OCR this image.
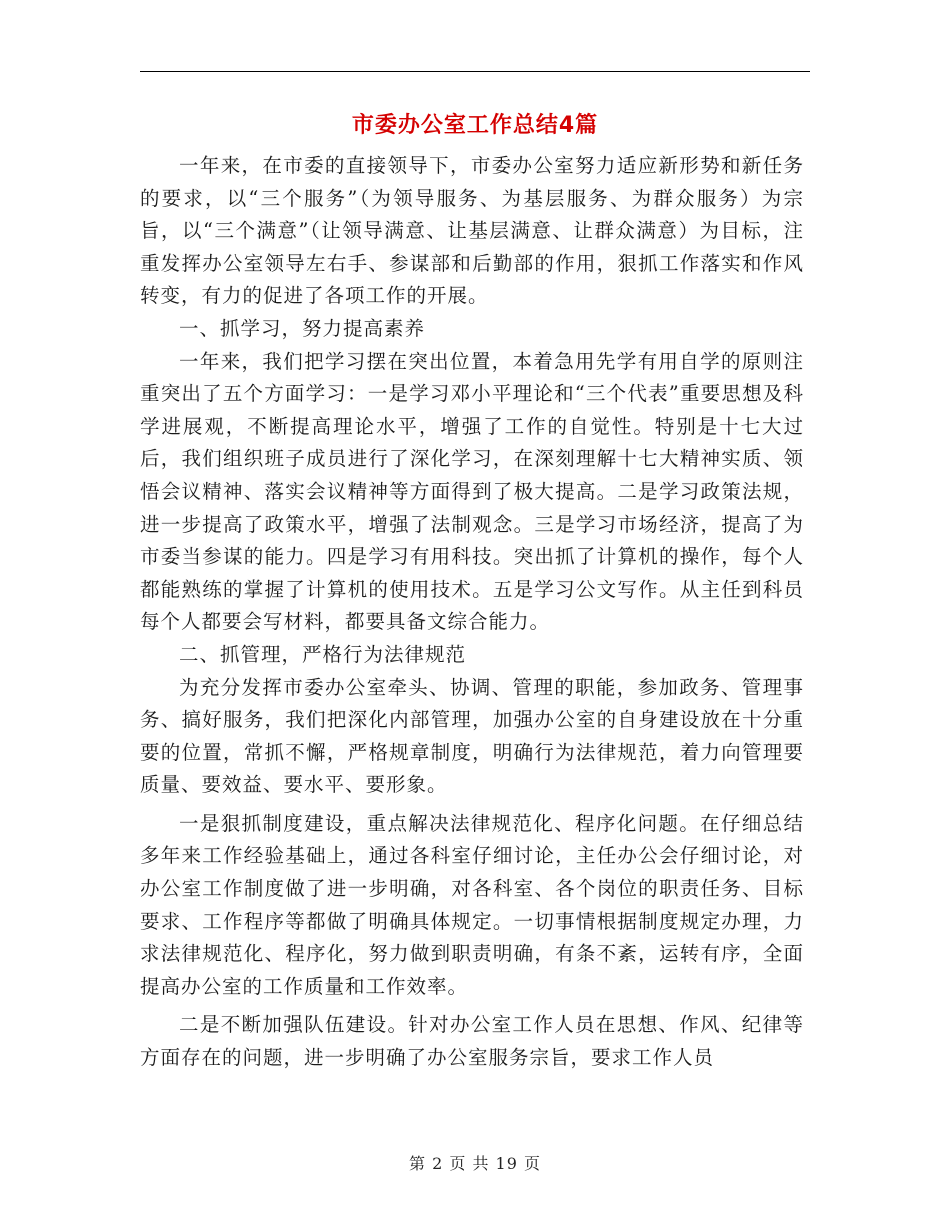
市委办公室工作总结4篇

一年来，在市委的直接领导下，市委办公室努力适应新形势和新任务的要求，以“三个服务”（为领导服务、为基层服务、为群众服务）为宗旨，以“三个满意”（让领导满意、让基层满意、让群众满意）为目标，注重发挥办公室领导左右手、参谋部和后勤部的作用，狠抓工作落实和作风转变，有力的促进了各项工作的开展。

一、抓学习，努力提高素养

一年来，我们把学习摆在突出位置，本着急用先学有用自学的原则注重突出了五个方面学习：一是学习邓小平理论和“三个代表”重要思想及科学进展观，不断提高理论水平，增强了工作的自觉性。特别是十七大过后，我们组织班子成员进行了深化学习，在深刻理解十七大精神实质、领悟会议精神、落实会议精神等方面得到了极大提高。二是学习政策法规，进一步提高了政策水平，增强了法制观念。三是学习市场经济，提高了为市委当参谋的能力。四是学习有用科技。突出抓了计算机的操作，每个人都能熟练的掌握了计算机的使用技术。五是学习公文写作。从主任到科员每个人都要会写材料，都要具备文综合能力。

二、抓管理，严格行为法律规范

为充分发挥市委办公室牵头、协调、管理的职能，参加政务、管理事务、搞好服务，我们把深化内部管理，加强办公室的自身建设放在十分重要的位置，常抓不懈，严格规章制度，明确行为法律规范，着力向管理要质量、要效益、要水平、要形象。

一是狠抓制度建设，重点解决法律规范化、程序化问题。在仔细总结多年来工作经验基础上，通过各科室仔细讨论，主任办公会仔细讨论，对办公室工作制度做了进一步明确，对各科室、各个岗位的职责任务、目标要求、工作程序等都做了明确具体规定。一切事情根据制度规定办理，力求法律规范化、程序化，努力做到职责明确，有条不紊，运转有序，全面提高办公室的工作质量和工作效率。

二是不断加强队伍建设。针对办公室工作人员在思想、作风、纪律等方面存在的问题，进一步明确了办公室服务宗旨，要求工作人员

第 2 页 共 19 页
